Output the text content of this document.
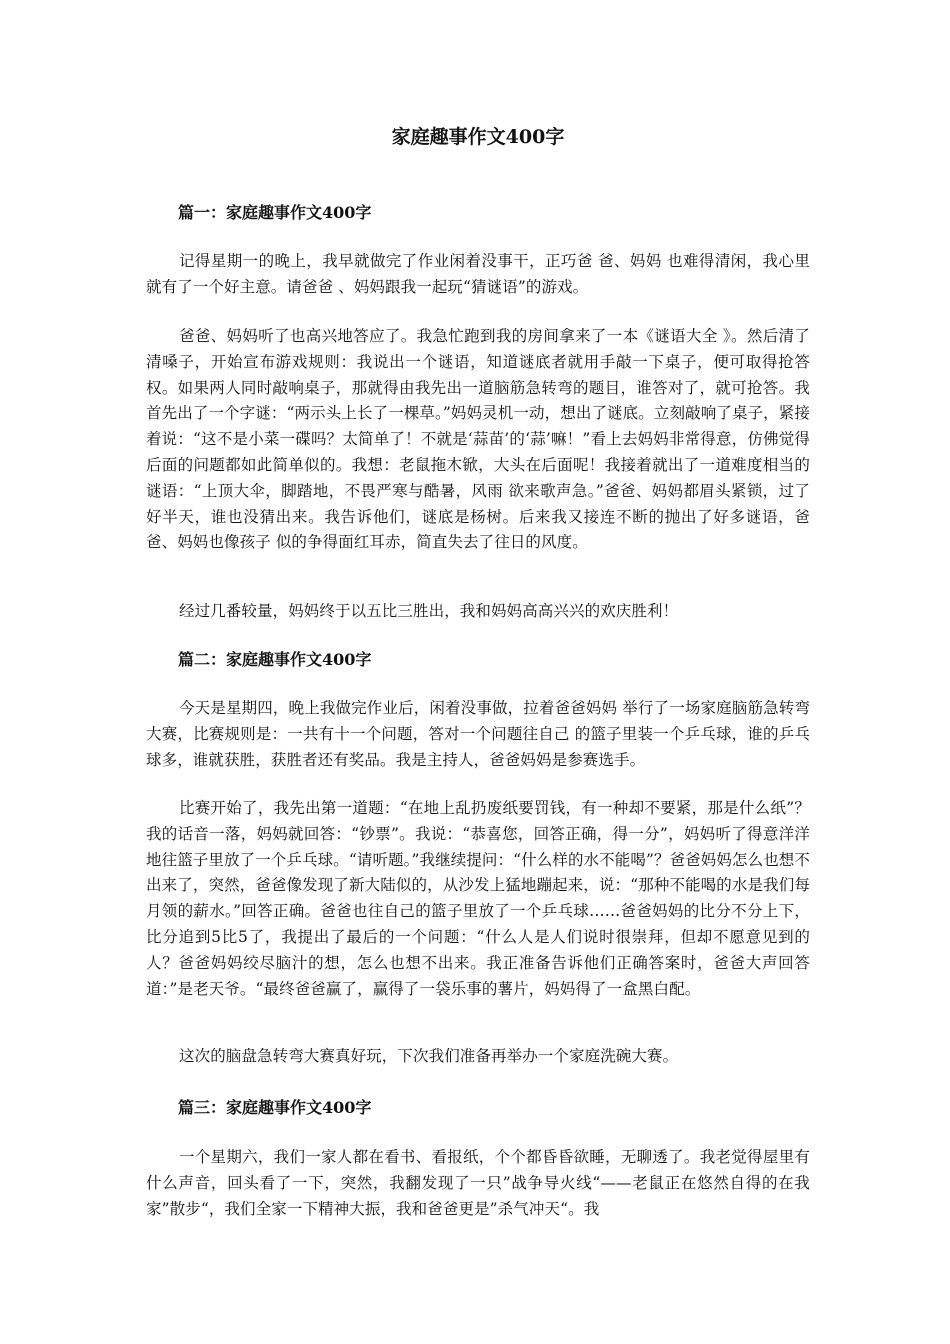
家庭趣事作文400字
篇一：家庭趣事作文400字

记得星期一的晚上，我早就做完了作业闲着没事干，正巧爸 爸、妈妈 也难得清闲，我心里就有了一个好主意。请爸爸 、妈妈跟我一起玩“猜谜语”的游戏。

爸爸、妈妈听了也高兴地答应了。我急忙跑到我的房间拿来了一本《谜语大全 》。然后清了清嗓子，开始宣布游戏规则：我说出一个谜语，知道谜底者就用手敲一下桌子，便可取得抢答权。如果两人同时敲响桌子，那就得由我先出一道脑筋急转弯的题目，谁答对了，就可抢答。我首先出了一个字谜：“两示头上长了一棵草。”妈妈灵机一动，想出了谜底。立刻敲响了桌子，紧接着说：“这不是小菜一碟吗？太简单了！不就是‘蒜苗’的‘蒜’嘛！”看上去妈妈非常得意，仿佛觉得后面的问题都如此简单似的。我想：老鼠拖木锨，大头在后面呢！我接着就出了一道难度相当的谜语：“上顶大伞，脚踏地，不畏严寒与酷暑，风雨 欲来歌声急。”爸爸、妈妈都眉头紧锁，过了好半天，谁也没猜出来。我告诉他们，谜底是杨树。后来我又接连不断的抛出了好多谜语，爸爸、妈妈也像孩子 似的争得面红耳赤，简直失去了往日的风度。

经过几番较量，妈妈终于以五比三胜出，我和妈妈高高兴兴的欢庆胜利！

篇二：家庭趣事作文400字

今天是星期四，晚上我做完作业后，闲着没事做，拉着爸爸妈妈 举行了一场家庭脑筋急转弯大赛，比赛规则是：一共有十一个问题，答对一个问题往自己 的篮子里装一个乒乓球，谁的乒乓球多，谁就获胜，获胜者还有奖品。我是主持人，爸爸妈妈是参赛选手。

比赛开始了，我先出第一道题：“在地上乱扔废纸要罚钱，有一种却不要紧，那是什么纸”？我的话音一落，妈妈就回答：“钞票”。我说：“恭喜您，回答正确，得一分”，妈妈听了得意洋洋地往篮子里放了一个乒乓球。“请听题。”我继续提问：“什么样的水不能喝”？爸爸妈妈怎么也想不出来了，突然，爸爸像发现了新大陆似的，从沙发上猛地蹦起来，说：“那种不能喝的水是我们每月领的薪水。”回答正确。爸爸也往自己的篮子里放了一个乒乓球……爸爸妈妈的比分不分上下，比分追到5比5了，我提出了最后的一个问题：“什么人是人们说时很崇拜，但却不愿意见到的人？爸爸妈妈绞尽脑汁的想，怎么也想不出来。我正准备告诉他们正确答案时，爸爸大声回答道：”是老天爷。“最终爸爸赢了，赢得了一袋乐事的薯片，妈妈得了一盒黑白配。

这次的脑盘急转弯大赛真好玩，下次我们准备再举办一个家庭洗碗大赛。

篇三：家庭趣事作文400字

一个星期六，我们一家人都在看书、看报纸，个个都昏昏欲睡，无聊透了。我老觉得屋里有什么声音，回头看了一下，突然，我翻发现了一只”战争导火线“——老鼠正在悠然自得的在我家”散步“，我们全家一下精神大振，我和爸爸更是”杀气冲天“。我
